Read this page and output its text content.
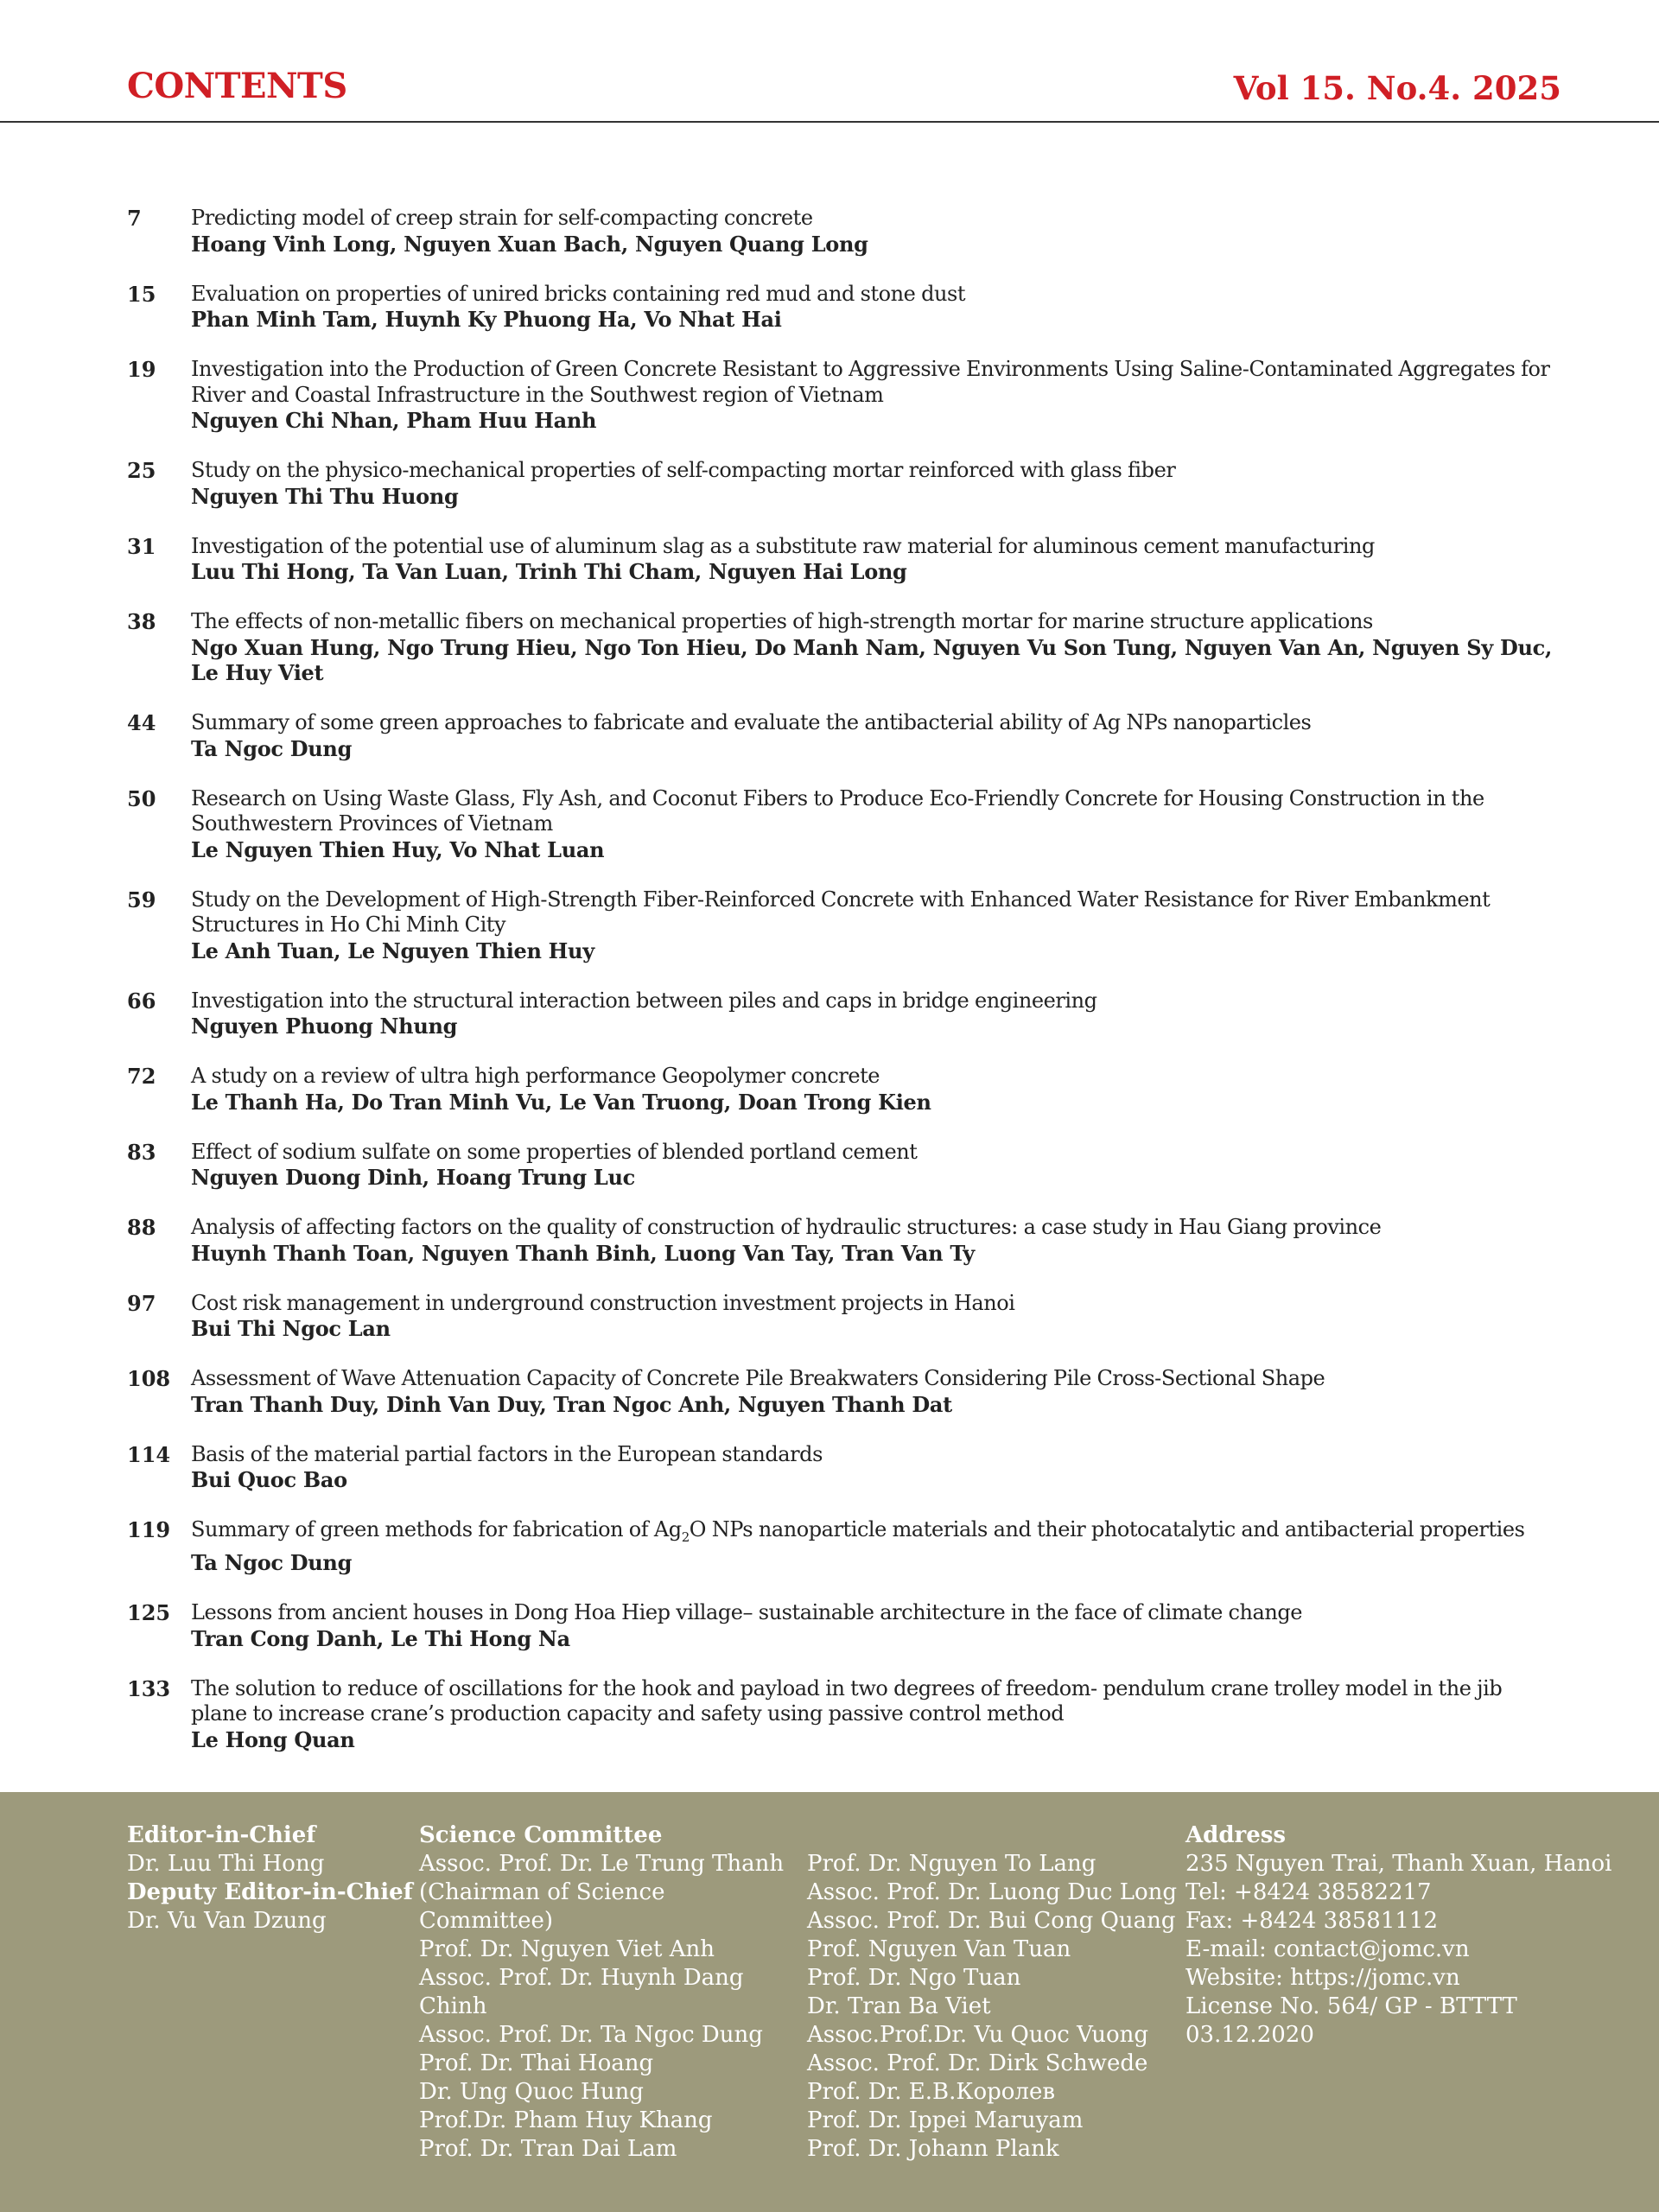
CONTENTS	Vol 15. No.4. 2025
7	Predicting model of creep strain for self-compacting concrete
Hoang Vinh Long, Nguyen Xuan Bach, Nguyen Quang Long
15	Evaluation on properties of unired bricks containing red mud and stone dust
Phan Minh Tam, Huynh Ky Phuong Ha, Vo Nhat Hai
19	Investigation into the Production of Green Concrete Resistant to Aggressive Environments Using Saline-Contaminated Aggregates for River and Coastal Infrastructure in the Southwest region of Vietnam
Nguyen Chi Nhan, Pham Huu Hanh
25	Study on the physico-mechanical properties of self-compacting mortar reinforced with glass fiber
Nguyen Thi Thu Huong
31	Investigation of the potential use of aluminum slag as a substitute raw material for aluminous cement manufacturing
Luu Thi Hong, Ta Van Luan, Trinh Thi Cham, Nguyen Hai Long
38	The effects of non-metallic fibers on mechanical properties of high-strength mortar for marine structure applications
Ngo Xuan Hung, Ngo Trung Hieu, Ngo Ton Hieu, Do Manh Nam, Nguyen Vu Son Tung, Nguyen Van An, Nguyen Sy Duc, Le Huy Viet
44	Summary of some green approaches to fabricate and evaluate the antibacterial ability of Ag NPs nanoparticles
Ta Ngoc Dung
50	Research on Using Waste Glass, Fly Ash, and Coconut Fibers to Produce Eco-Friendly Concrete for Housing Construction in the Southwestern Provinces of Vietnam
Le Nguyen Thien Huy, Vo Nhat Luan
59	Study on the Development of High-Strength Fiber-Reinforced Concrete with Enhanced Water Resistance for River Embankment Structures in Ho Chi Minh City
Le Anh Tuan, Le Nguyen Thien Huy
66	Investigation into the structural interaction between piles and caps in bridge engineering
Nguyen Phuong Nhung
72	A study on a review of ultra high performance Geopolymer concrete
Le Thanh Ha, Do Tran Minh Vu, Le Van Truong, Doan Trong Kien
83	Effect of sodium sulfate on some properties of blended portland cement
Nguyen Duong Dinh, Hoang Trung Luc
88	Analysis of affecting factors on the quality of construction of hydraulic structures: a case study in Hau Giang province
Huynh Thanh Toan, Nguyen Thanh Binh, Luong Van Tay, Tran Van Ty
97	Cost risk management in underground construction investment projects in Hanoi
Bui Thi Ngoc Lan
108 Assessment of Wave Attenuation Capacity of Concrete Pile Breakwaters Considering Pile Cross-Sectional Shape
Tran Thanh Duy, Dinh Van Duy, Tran Ngoc Anh, Nguyen Thanh Dat
114 Basis of the material partial factors in the European standards
Bui Quoc Bao
119 Summary of green methods for fabrication of $Ag_2O$ NPs nanoparticle materials and their photocatalytic and antibacterial properties
Ta Ngoc Dung
125 Lessons from ancient houses in Dong Hoa Hiep village– sustainable architecture in the face of climate change
Tran Cong Danh, Le Thi Hong Na
133 The solution to reduce of oscillations for the hook and payload in two degrees of freedom- pendulum crane trolley model in the jib plane to increase crane’s production capacity and safety using passive control method
Le Hong Quan
Editor-in-Chief
Dr. Luu Thi Hong
Deputy Editor-in-Chief
Dr. Vu Van Dzung
Science Committee
Assoc. Prof. Dr. Le Trung Thanh (Chairman of Science Committee)
Prof. Dr. Nguyen Viet Anh
Assoc. Prof. Dr. Huynh Dang Chinh
Assoc. Prof. Dr. Ta Ngoc Dung
Prof. Dr. Thai Hoang
Dr. Ung Quoc Hung
Prof.Dr. Pham Huy Khang
Prof. Dr. Tran Dai Lam
Prof. Dr. Nguyen To Lang
Assoc. Prof. Dr. Luong Duc Long
Assoc. Prof. Dr. Bui Cong Quang
Prof. Nguyen Van Tuan
Prof. Dr. Ngo Tuan
Dr. Tran Ba Viet
Assoc.Prof.Dr. Vu Quoc Vuong
Assoc. Prof. Dr. Dirk Schwede
Prof. Dr. E.B.Королев
Prof. Dr. Ippei Maruyam
Prof. Dr. Johann Plank
Address
235 Nguyen Trai, Thanh Xuan, Hanoi
Tel: +8424 38582217
Fax: +8424 38581112
E-mail: contact@jomc.vn
Website: https://jomc.vn
License No. 564/ GP - BTTTT
03.12.2020
